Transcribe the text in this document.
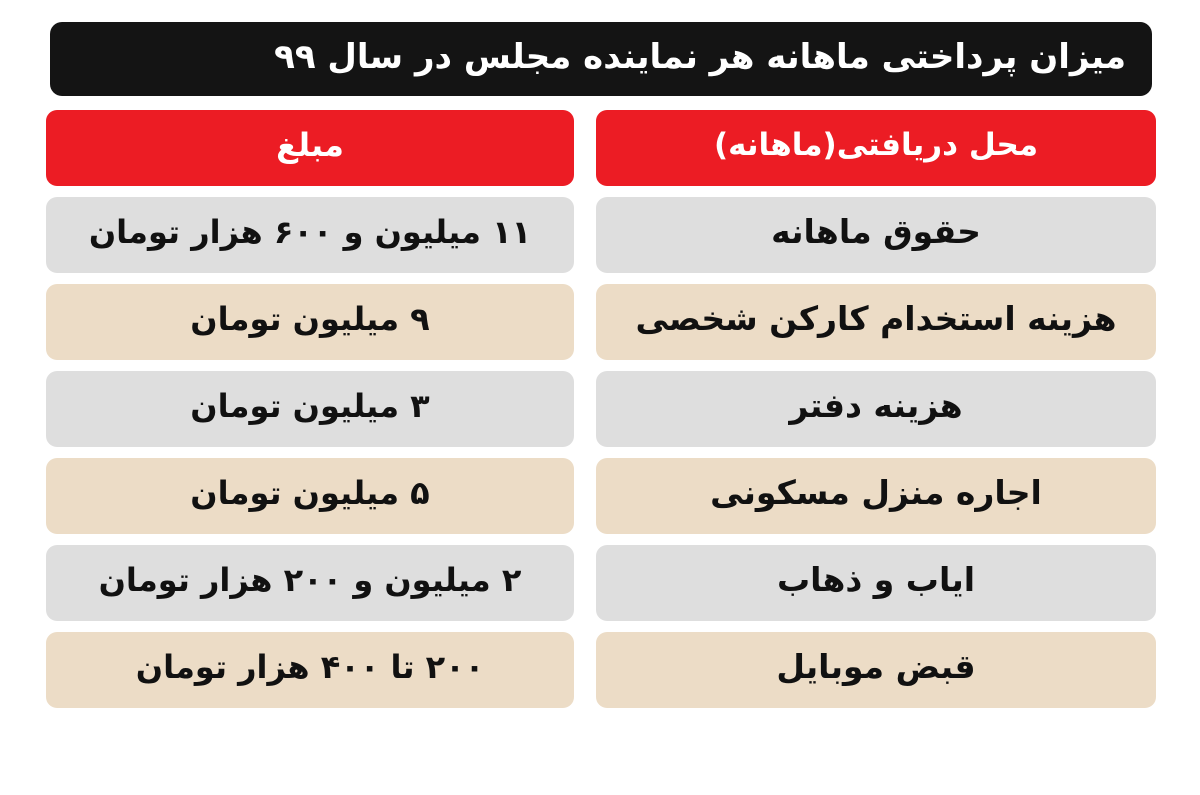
میزان پرداختی ماهانه هر نماینده مجلس در سال ۹۹
محل دریافتی(ماهانه)
مبلغ
حقوق ماهانه
۱۱ میلیون و ۶۰۰ هزار تومان
هزینه استخدام کارکن شخصی
۹ میلیون تومان
هزینه دفتر
۳ میلیون تومان
اجاره منزل مسکونی
۵ میلیون تومان
ایاب و ذهاب
۲ میلیون و ۲۰۰ هزار تومان
قبض موبایل
۲۰۰ تا ۴۰۰ هزار تومان
